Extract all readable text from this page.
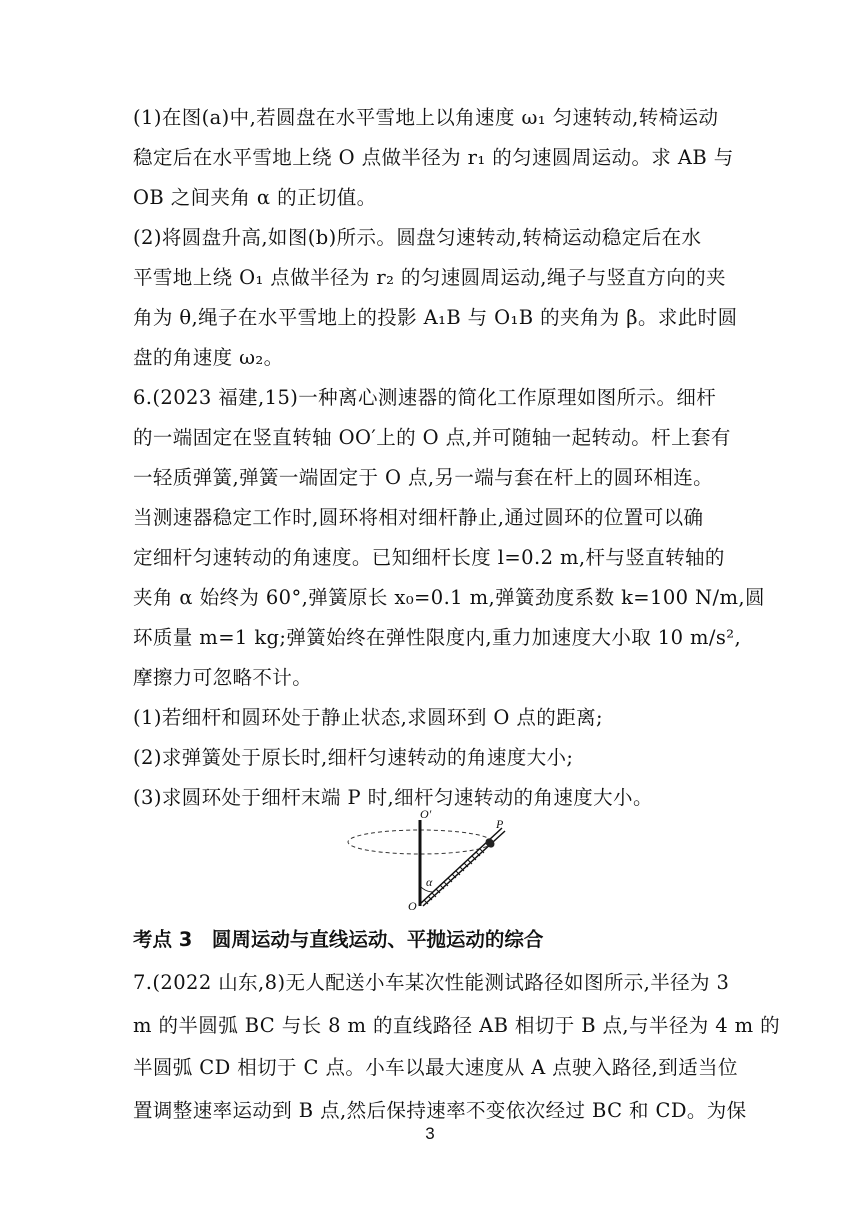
(1)在图(a)中,若圆盘在水平雪地上以角速度 ω₁ 匀速转动,转椅运动
稳定后在水平雪地上绕 O 点做半径为 r₁ 的匀速圆周运动。求 AB 与
OB 之间夹角 α 的正切值。
(2)将圆盘升高,如图(b)所示。圆盘匀速转动,转椅运动稳定后在水
平雪地上绕 O₁ 点做半径为 r₂ 的匀速圆周运动,绳子与竖直方向的夹
角为 θ,绳子在水平雪地上的投影 A₁B 与 O₁B 的夹角为 β。求此时圆
盘的角速度 ω₂。
6.(2023 福建,15)一种离心测速器的简化工作原理如图所示。细杆
的一端固定在竖直转轴 OO′上的 O 点,并可随轴一起转动。杆上套有
一轻质弹簧,弹簧一端固定于 O 点,另一端与套在杆上的圆环相连。
当测速器稳定工作时,圆环将相对细杆静止,通过圆环的位置可以确
定细杆匀速转动的角速度。已知细杆长度 l=0.2 m,杆与竖直转轴的
夹角 α 始终为 60°,弹簧原长 x₀=0.1 m,弹簧劲度系数 k=100 N/m,圆
环质量 m=1 kg;弹簧始终在弹性限度内,重力加速度大小取 10 m/s²,
摩擦力可忽略不计。
(1)若细杆和圆环处于静止状态,求圆环到 O 点的距离;
(2)求弹簧处于原长时,细杆匀速转动的角速度大小;
O′
O
P
α
考点 3　圆周运动与直线运动、平抛运动的综合
7.(2022 山东,8)无人配送小车某次性能测试路径如图所示,半径为 3
m 的半圆弧 BC 与长 8 m 的直线路径 AB 相切于 B 点,与半径为 4 m 的
半圆弧 CD 相切于 C 点。小车以最大速度从 A 点驶入路径,到适当位
3
(3)求圆环处于细杆末端 P 时,细杆匀速转动的角速度大小。
置调整速率运动到 B 点,然后保持速率不变依次经过 BC 和 CD。为保
